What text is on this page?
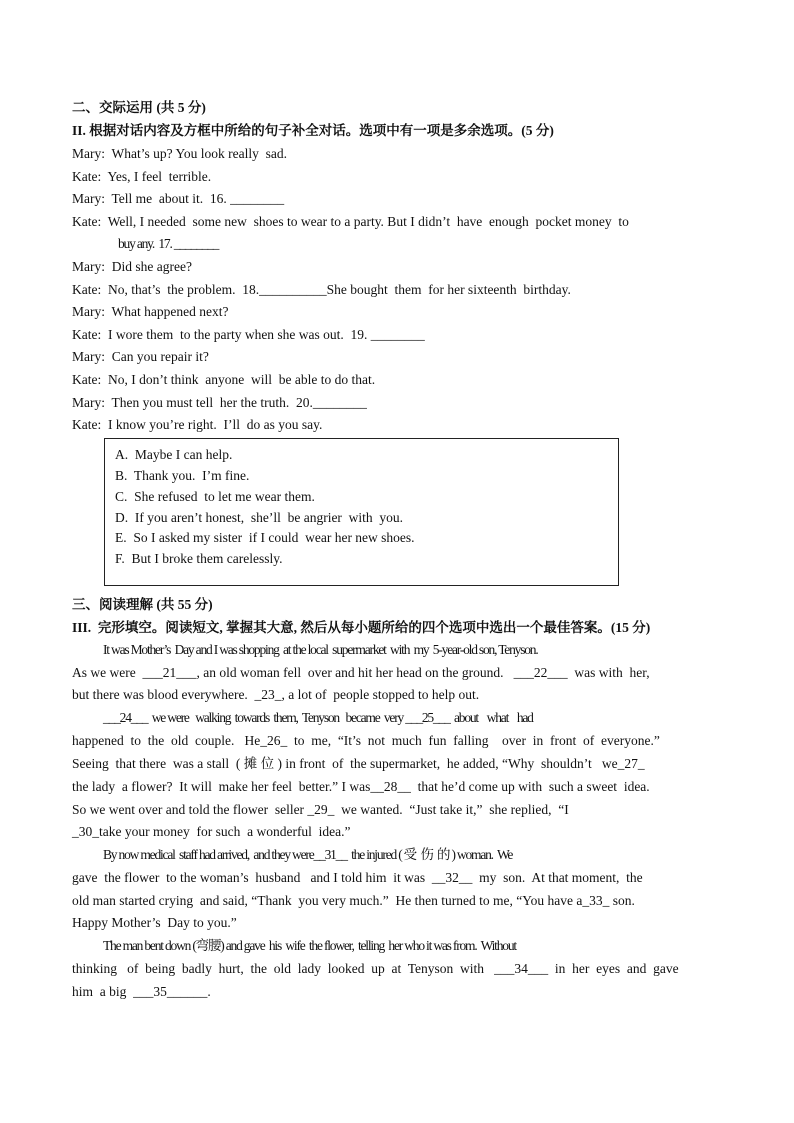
二、交际运用 (共 5 分)
II. 根据对话内容及方框中所给的句子补全对话。选项中有一项是多余选项。(5 分)
Mary:  What’s up? You look really  sad.
Kate:  Yes, I feel  terrible.
Mary:  Tell me  about it.  16. ________
Kate:  Well, I needed  some new  shoes to wear to a party. But I didn’t  have  enough  pocket money  to
buy any.  17. ________
Mary:  Did she agree?
Kate:  No, that’s  the problem.  18.__________She bought  them  for her sixteenth  birthday.
Mary:  What happened next?
Kate:  I wore them  to the party when she was out.  19. ________
Mary:  Can you repair it?
Kate:  No, I don’t think  anyone  will  be able to do that.
Mary:  Then you must tell  her the truth.  20.________
Kate:  I know you’re right.  I’ll  do as you say.
A.  Maybe I can help.
B.  Thank you.  I’m fine.
C.  She refused  to let me wear them.
D.  If you aren’t honest,  she’ll  be angrier  with  you.
E.  So I asked my sister  if I could  wear her new shoes.
F.  But I broke them carelessly.
三、阅读理解 (共 55 分)
III.  完形填空。阅读短文, 掌握其大意, 然后从每小题所给的四个选项中选出一个最佳答案。(15 分)
It was Mother’s  Day and I was shopping  at the local  supermarket  with  my  5-year-old son, Tenyson.
As we were  ___21___, an old woman fell  over and hit her head on the ground.   ___22___  was with  her,
but there was blood everywhere.  _23_, a lot of  people stopped to help out.
___24___  we were   walking  towards  them,  Tenyson   became  very ___25___  about    what    had
happened  to  the  old  couple.   He_26_  to  me,  “It’s  not  much  fun  falling    over  in  front  of  everyone.”
Seeing  that there  was a stall  ( 摊 位 ) in front  of  the supermarket,  he added, “Why  shouldn’t   we_27_
the lady  a flower?  It will  make her feel  better.” I was__28__  that he’d come up with  such a sweet  idea.
So we went over and told the flower  seller _29_  we wanted.  “Just take it,”  she replied,  “I
_30_take your money  for such  a wonderful  idea.”
By now medical  staff had arrived,  and they were__31__  the injured ( 受  伤  的 ) woman.  We
gave  the flower  to the woman’s  husband   and I told him  it was  __32__  my  son.  At that moment,  the
old man started crying  and said, “Thank  you very much.”  He then turned to me, “You have a_33_ son.
Happy Mother’s  Day to you.”
The man bent down (弯腰) and gave  his  wife  the flower,  telling  her who it was from.  Without
thinking   of  being  badly  hurt,  the  old  lady  looked  up  at  Tenyson  with   ___34___  in  her  eyes  and  gave
him  a big  ___35______.
